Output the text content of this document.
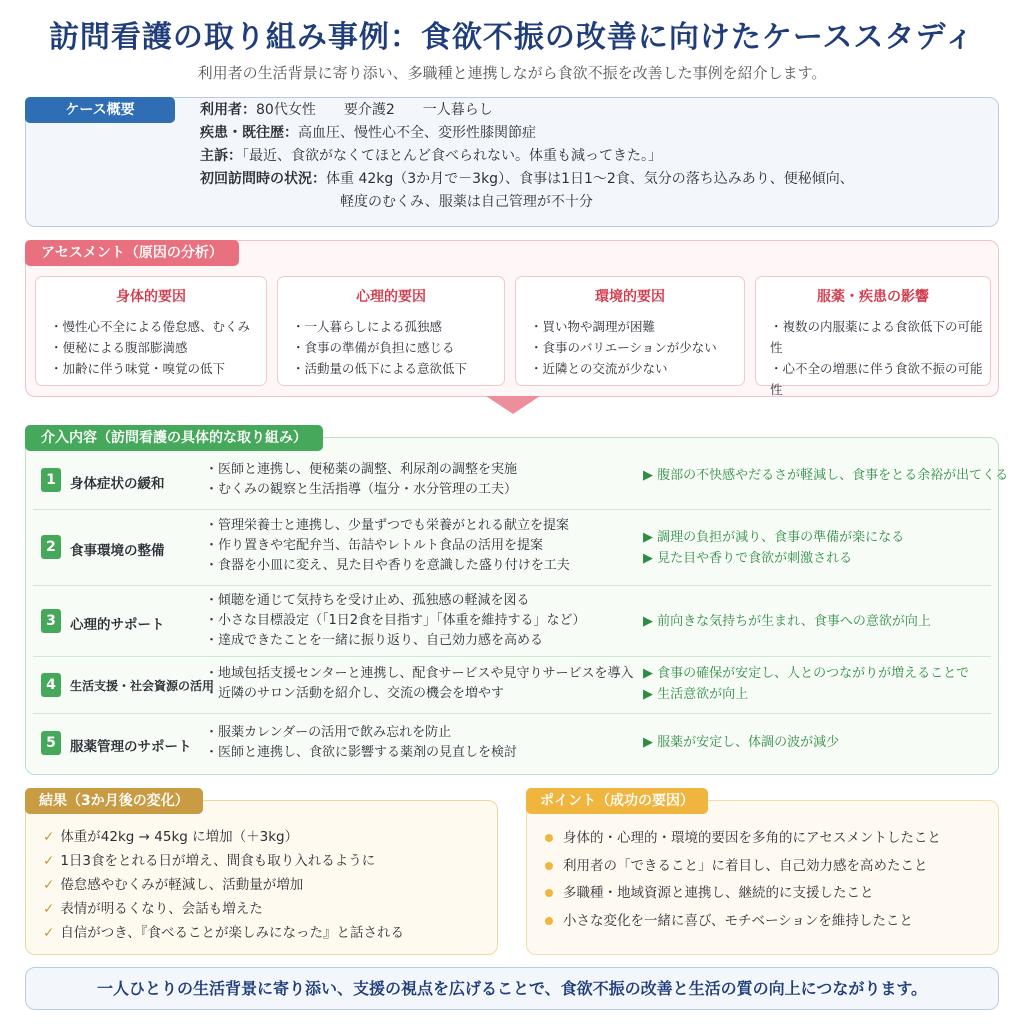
訪問看護の取り組み事例：食欲不振の改善に向けたケーススタディ
利用者の生活背景に寄り添い、多職種と連携しながら食欲不振を改善した事例を紹介します。
ケース概要	利用者：80代女性　　要介護2　　一人暮らし
疾患・既往歴：高血圧、慢性心不全、変形性膝関節症
主訴：「最近、食欲がなくてほとんど食べられない。体重も減ってきた。」
初回訪問時の状況：体重 42kg（3か月で－3kg）、食事は1日1〜2食、気分の落ち込みあり、便秘傾向、
軽度のむくみ、服薬は自己管理が不十分
アセスメント（原因の分析）
身体的要因
・慢性心不全による倦怠感、むくみ
・便秘による腹部膨満感
・加齢に伴う味覚・嗅覚の低下
心理的要因
・一人暮らしによる孤独感
・食事の準備が負担に感じる
・活動量の低下による意欲低下
環境的要因
・買い物や調理が困難
・食事のバリエーションが少ない
・近隣との交流が少ない
服薬・疾患の影響
・複数の内服薬による食欲低下の可能性
・心不全の増悪に伴う食欲不振の可能性
介入内容（訪問看護の具体的な取り組み）
1	身体症状の緩和
・医師と連携し、便秘薬の調整、利尿剤の調整を実施
・むくみの観察と生活指導（塩分・水分管理の工夫）
▶ 腹部の不快感やだるさが軽減し、食事をとる余裕が出てくる
2	食事環境の整備
・管理栄養士と連携し、少量ずつでも栄養がとれる献立を提案
・作り置きや宅配弁当、缶詰やレトルト食品の活用を提案
・食器を小皿に変え、見た目や香りを意識した盛り付けを工夫
▶ 調理の負担が減り、食事の準備が楽になる
▶ 見た目や香りで食欲が刺激される
3	心理的サポート
・傾聴を通じて気持ちを受け止め、孤独感の軽減を図る
・小さな目標設定（「1日2食を目指す」「体重を維持する」など）
・達成できたことを一緒に振り返り、自己効力感を高める
▶ 前向きな気持ちが生まれ、食事への意欲が向上
4	生活支援・社会資源の活用
・地域包括支援センターと連携し、配食サービスや見守りサービスを導入
・近隣のサロン活動を紹介し、交流の機会を増やす
▶ 食事の確保が安定し、人とのつながりが増えることで
▶ 生活意欲が向上
5	服薬管理のサポート
・服薬カレンダーの活用で飲み忘れを防止
・医師と連携し、食欲に影響する薬剤の見直しを検討
▶ 服薬が安定し、体調の波が減少
✓ 体重が42kg → 45kg に増加（＋3kg）
✓ 1日3食をとれる日が増え、間食も取り入れるように
✓ 倦怠感やむくみが軽減し、活動量が増加
✓ 表情が明るくなり、会話も増えた
✓ 自信がつき、『食べることが楽しみになった』と話される
結果（3か月後の変化）
身体的・心理的・環境的要因を多角的にアセスメントしたこと
利用者の「できること」に着目し、自己効力感を高めたこと
多職種・地域資源と連携し、継続的に支援したこと
小さな変化を一緒に喜び、モチベーションを維持したこと
ポイント（成功の要因）
一人ひとりの生活背景に寄り添い、支援の視点を広げることで、食欲不振の改善と生活の質の向上につながります。
